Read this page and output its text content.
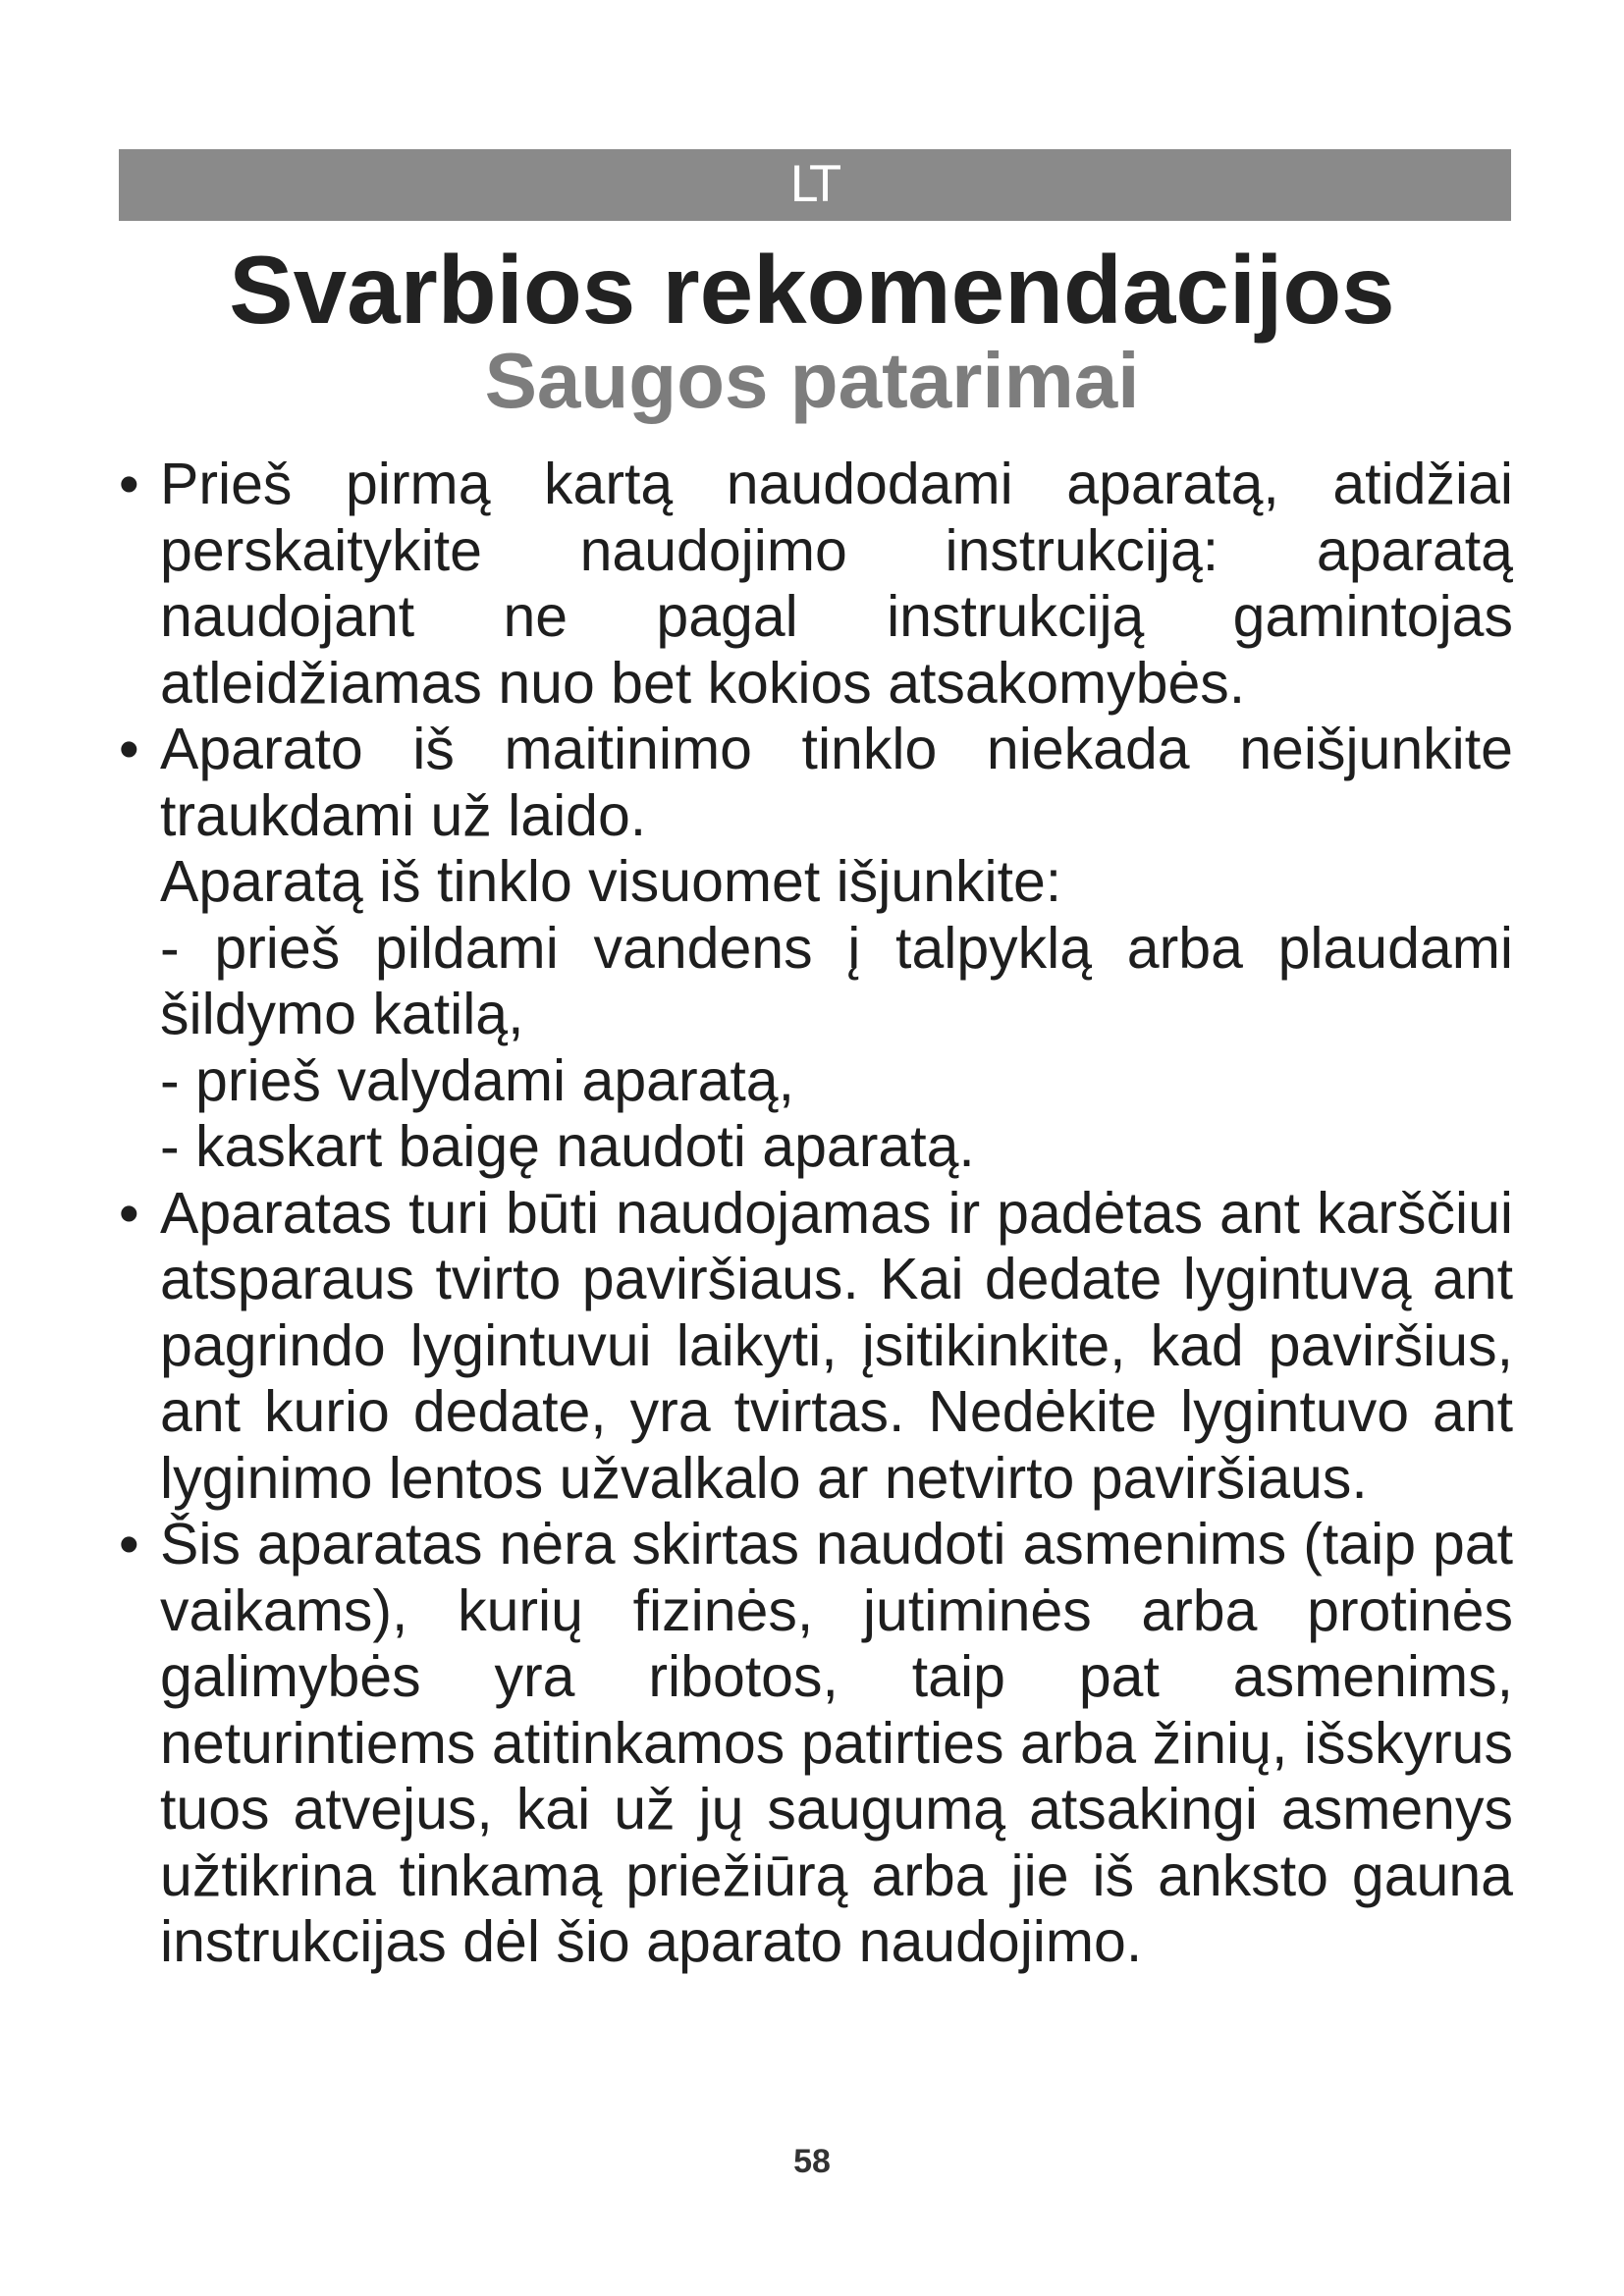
LT
Svarbios rekomendacijos
Saugos patarimai
• Prieš pirmą kartą naudodami aparatą, atidžiai perskaitykite naudojimo instrukciją: aparatą naudojant ne pagal instrukciją gamintojas atleidžiamas nuo bet kokios atsakomybės.

• Aparato iš maitinimo tinklo niekada neišjunkite traukdami už laido.

Aparatą iš tinklo visuomet išjunkite:

- prieš pildami vandens į talpyklą arba plaudami šildymo katilą,

- prieš valydami aparatą,

- kaskart baigę naudoti aparatą.

• Aparatas turi būti naudojamas ir padėtas ant karščiui atsparaus tvirto paviršiaus. Kai dedate lygintuvą ant pagrindo lygintuvui laikyti, įsitikinkite, kad paviršius, ant kurio dedate, yra tvirtas. Nedėkite lygintuvo ant lyginimo lentos užvalkalo ar netvirto paviršiaus.

• Šis aparatas nėra skirtas naudoti asmenims (taip pat vaikams), kurių fizinės, jutiminės arba protinės galimybės yra ribotos, taip pat asmenims, neturintiems atitinkamos patirties arba žinių, išskyrus tuos atvejus, kai už jų saugumą atsakingi asmenys užtikrina tinkamą priežiūrą arba jie iš anksto gauna instrukcijas dėl šio aparato naudojimo.

58
